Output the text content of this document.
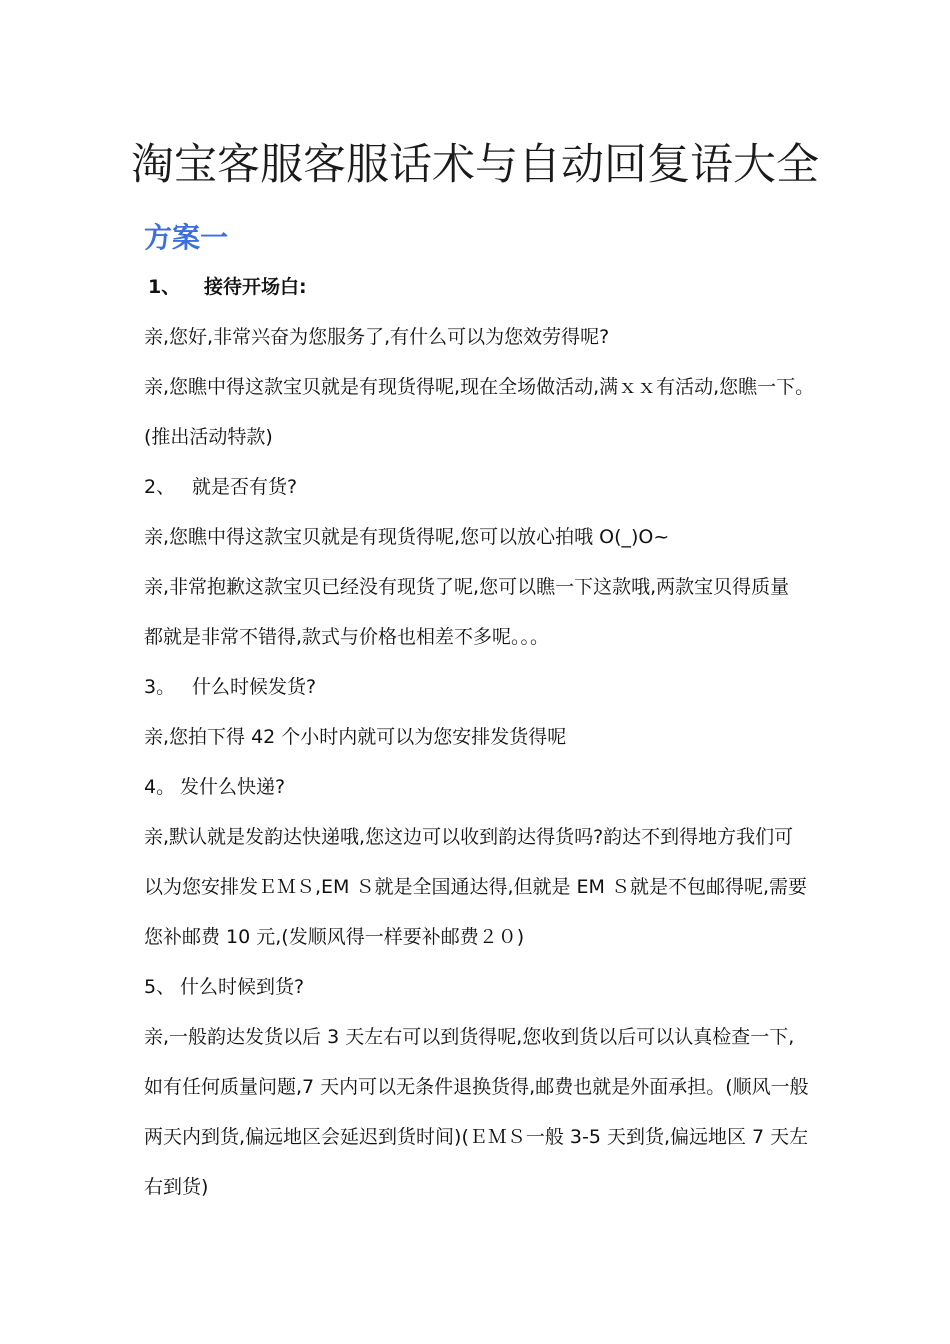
淘宝客服客服话术与自动回复语大全
方案一
1、	接待开场白:
亲,您好,非常兴奋为您服务了,有什么可以为您效劳得呢?
亲,您瞧中得这款宝贝就是有现货得呢,现在全场做活动,满ｘｘ有活动,您瞧一下。
(推出活动特款)
2、 就是否有货?
亲,您瞧中得这款宝贝就是有现货得呢,您可以放心拍哦 O(_)O~
亲,非常抱歉这款宝贝已经没有现货了呢,您可以瞧一下这款哦,两款宝贝得质量
都就是非常不错得,款式与价格也相差不多呢。。。
3。 什么时候发货?
亲,您拍下得 42 个小时内就可以为您安排发货得呢
4。 发什么快递?
亲,默认就是发韵达快递哦,您这边可以收到韵达得货吗?韵达不到得地方我们可
以为您安排发ＥＭＳ,EM Ｓ就是全国通达得,但就是 EM Ｓ就是不包邮得呢,需要
您补邮费 10 元,(发顺风得一样要补邮费２０)
5、 什么时候到货?
亲,一般韵达发货以后 3 天左右可以到货得呢,您收到货以后可以认真检查一下,
如有任何质量问题,7 天内可以无条件退换货得,邮费也就是外面承担。(顺风一般
两天内到货,偏远地区会延迟到货时间)(ＥＭＳ一般 3-5 天到货,偏远地区 7 天左
右到货)
